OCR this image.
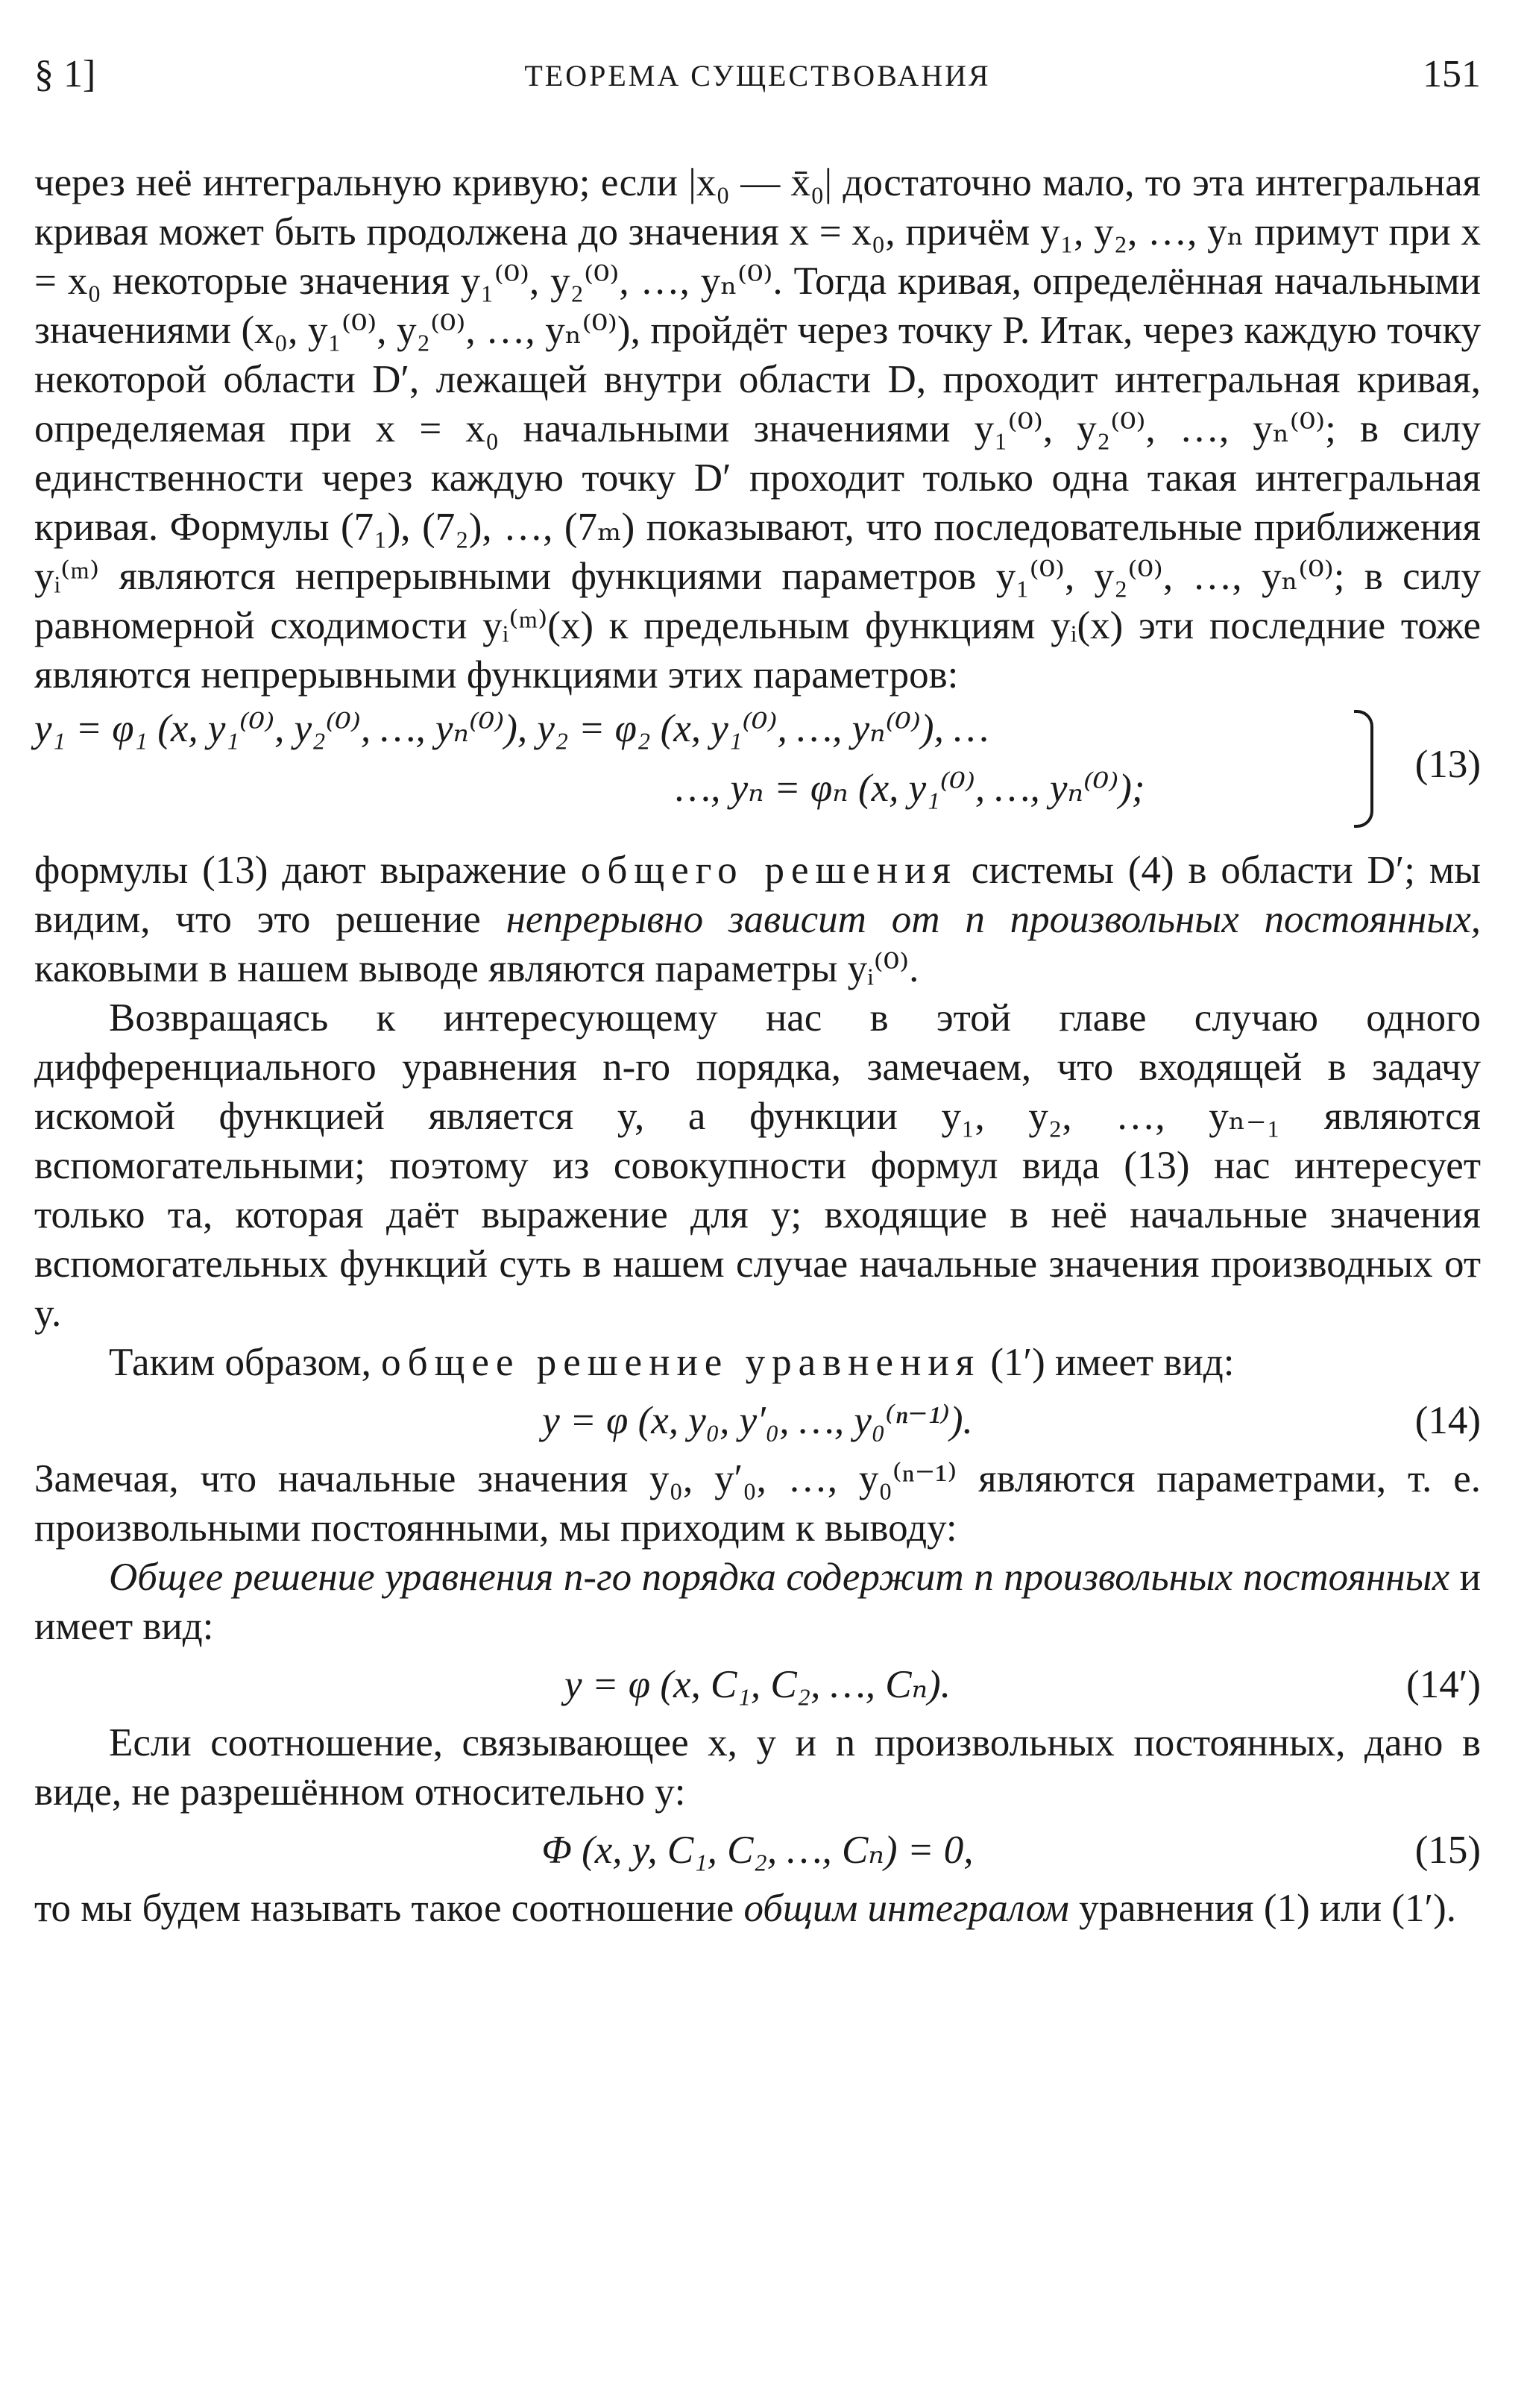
§ 1]	ТЕОРЕМА СУЩЕСТВОВАНИЯ	151

через неё интегральную кривую; если |x₀ — x̄₀| достаточно мало, то эта интегральная кривая может быть продолжена до значения x = x₀, причём y₁, y₂, …, yₙ примут при x = x₀ некоторые значения y₁⁽⁰⁾, y₂⁽⁰⁾, …, yₙ⁽⁰⁾. Тогда кривая, определённая начальными значениями (x₀, y₁⁽⁰⁾, y₂⁽⁰⁾, …, yₙ⁽⁰⁾), пройдёт через точку P. Итак, через каждую точку некоторой области D′, лежащей внутри области D, проходит интегральная кривая, определяемая при x = x₀ начальными значениями y₁⁽⁰⁾, y₂⁽⁰⁾, …, yₙ⁽⁰⁾; в силу единственности через каждую точку D′ проходит только одна такая интегральная кривая. Формулы (7₁), (7₂), …, (7ₘ) показывают, что последовательные приближения yᵢ⁽ᵐ⁾ являются непрерывными функциями параметров y₁⁽⁰⁾, y₂⁽⁰⁾, …, yₙ⁽⁰⁾; в силу равномерной сходимости yᵢ⁽ᵐ⁾(x) к предельным функциям yᵢ(x) эти последние тоже являются непрерывными функциями этих параметров:

y₁ = φ₁ (x, y₁⁽⁰⁾, y₂⁽⁰⁾, …, yₙ⁽⁰⁾), y₂ = φ₂ (x, y₁⁽⁰⁾, …, yₙ⁽⁰⁾), …
…, yₙ = φₙ (x, y₁⁽⁰⁾, …, yₙ⁽⁰⁾);
(13)

формулы (13) дают выражение общего решения системы (4) в области D′; мы видим, что это решение непрерывно зависит от n произвольных постоянных, каковыми в нашем выводе являются параметры yᵢ⁽⁰⁾.

Возвращаясь к интересующему нас в этой главе случаю одного дифференциального уравнения n-го порядка, замечаем, что входящей в задачу искомой функцией является y, а функции y₁, y₂, …, yₙ₋₁ являются вспомогательными; поэтому из совокупности формул вида (13) нас интересует только та, которая даёт выражение для y; входящие в неё начальные значения вспомогательных функций суть в нашем случае начальные значения производных от y.

Таким образом, общее решение уравнения (1′) имеет вид:

y = φ (x, y₀, y′₀, …, y₀⁽ⁿ⁻¹⁾).	(14)

Замечая, что начальные значения y₀, y′₀, …, y₀⁽ⁿ⁻¹⁾ являются параметрами, т. е. произвольными постоянными, мы приходим к выводу:

Общее решение уравнения n-го порядка содержит n произвольных постоянных и имеет вид:

y = φ (x, C₁, C₂, …, Cₙ).	(14′)

Если соотношение, связывающее x, y и n произвольных постоянных, дано в виде, не разрешённом относительно y:

Φ (x, y, C₁, C₂, …, Cₙ) = 0,	(15)

то мы будем называть такое соотношение общим интегралом уравнения (1) или (1′).
